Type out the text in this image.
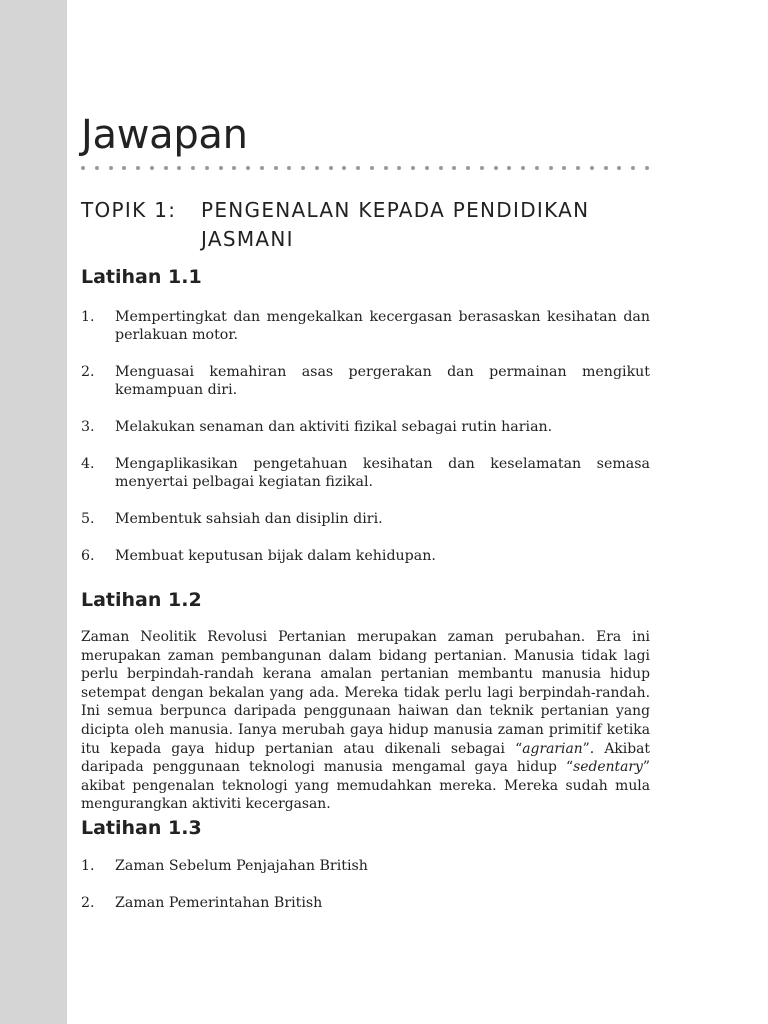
Jawapan
TOPIK 1:	PENGENALAN KEPADA PENDIDIKAN JASMANI
Latihan 1.1
1.	Mempertingkat dan mengekalkan kecergasan berasaskan kesihatan dan perlakuan motor.
2.	Menguasai kemahiran asas pergerakan dan permainan mengikut kemampuan diri.
3.	Melakukan senaman dan aktiviti fizikal sebagai rutin harian.
4.	Mengaplikasikan pengetahuan kesihatan dan keselamatan semasa menyertai pelbagai kegiatan fizikal.
5.	Membentuk sahsiah dan disiplin diri.
6.	Membuat keputusan bijak dalam kehidupan.
Latihan 1.2

Zaman Neolitik Revolusi Pertanian merupakan zaman perubahan. Era ini merupakan zaman pembangunan dalam bidang pertanian. Manusia tidak lagi perlu berpindah-randah kerana amalan pertanian membantu manusia hidup setempat dengan bekalan yang ada. Mereka tidak perlu lagi berpindah-randah. Ini semua berpunca daripada penggunaan haiwan dan teknik pertanian yang dicipta oleh manusia. Ianya merubah gaya hidup manusia zaman primitif ketika itu kepada gaya hidup pertanian atau dikenali sebagai “agrarian”. Akibat daripada penggunaan teknologi manusia mengamal gaya hidup “sedentary” akibat pengenalan teknologi yang memudahkan mereka. Mereka sudah mula mengurangkan aktiviti kecergasan.

Latihan 1.3
1.	Zaman Sebelum Penjajahan British
2.	Zaman Pemerintahan British
